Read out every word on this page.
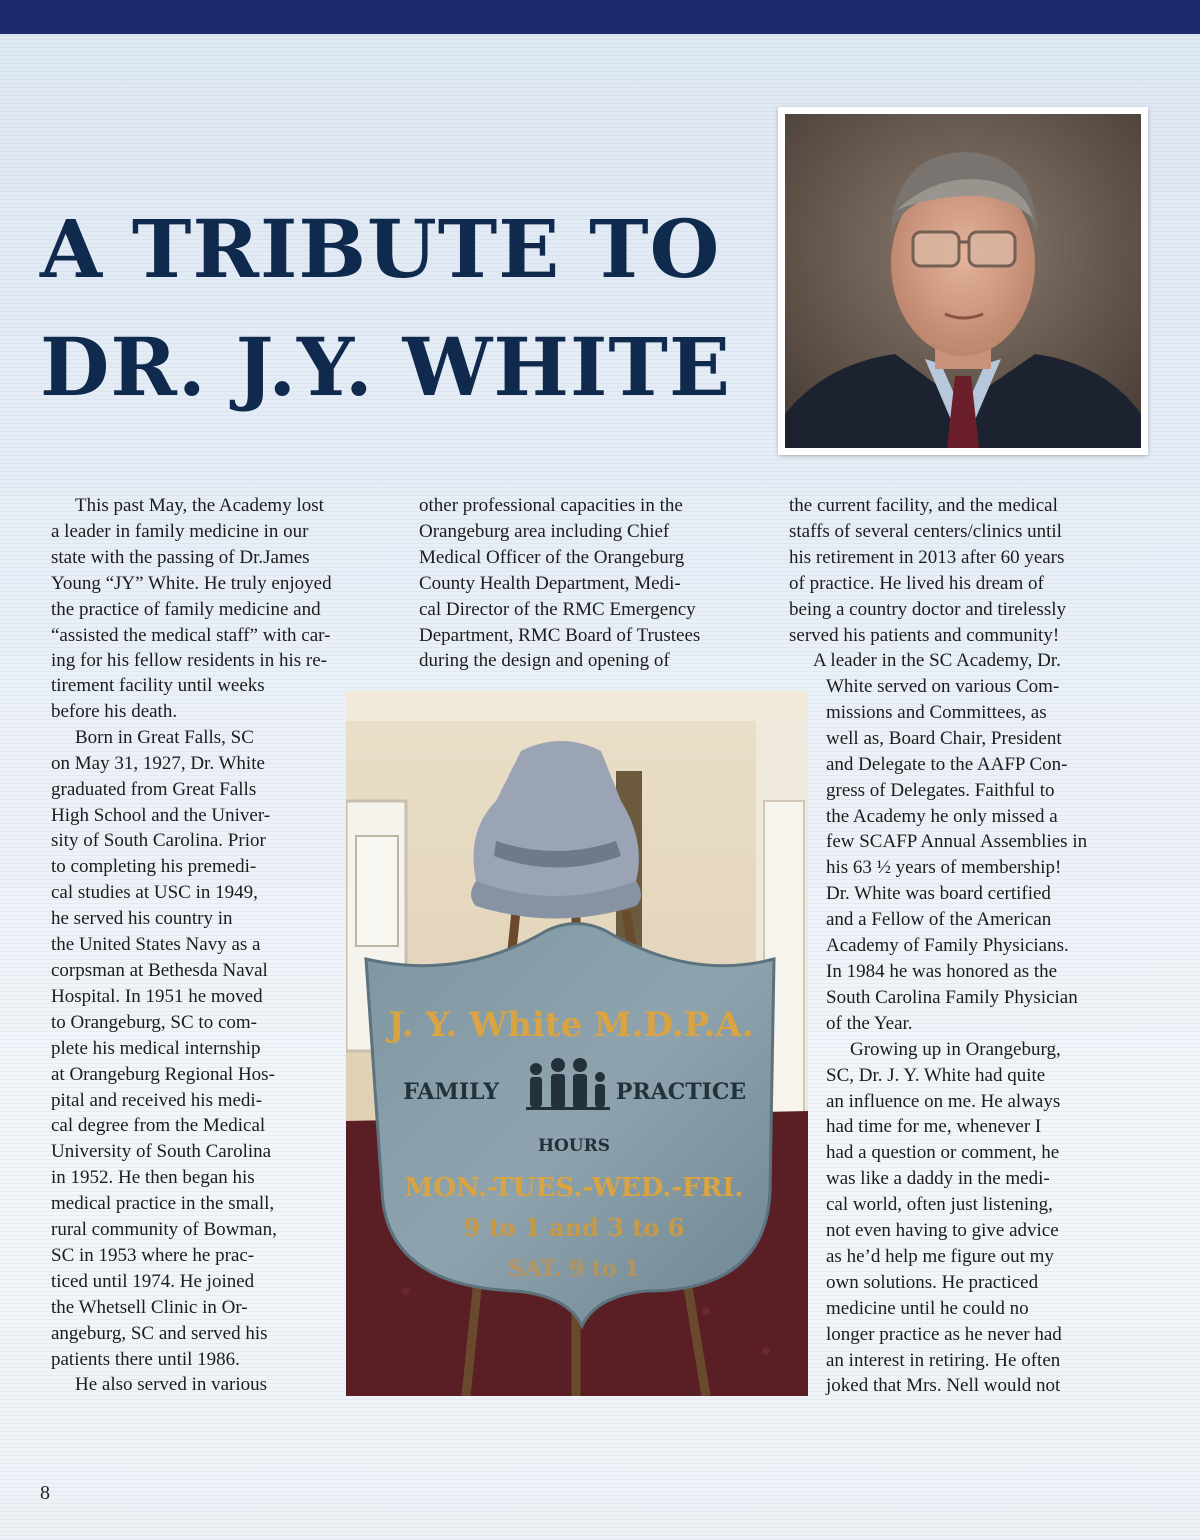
A TRIBUTE TO
DR. J.Y. WHITE

This past May, the Academy lost

a leader in family medicine in our

state with the passing of Dr.James

Young “JY” White. He truly enjoyed

the practice of family medicine and

“assisted the medical staff” with car-

ing for his fellow residents in his re-

tirement facility until weeks

before his death.

Born in Great Falls, SC

on May 31, 1927, Dr. White

graduated from Great Falls

High School and the Univer-

sity of South Carolina. Prior

to completing his premedi-

cal studies at USC in 1949,

he served his country in

the United States Navy as a

corpsman at Bethesda Naval

Hospital. In 1951 he moved

to Orangeburg, SC to com-

plete his medical internship

at Orangeburg Regional Hos-

pital and received his medi-

cal degree from the Medical

University of South Carolina

in 1952. He then began his

medical practice in the small,

rural community of Bowman,

SC in 1953 where he prac-

ticed until 1974. He joined

the Whetsell Clinic in Or-

angeburg, SC and served his

patients there until 1986.

He also served in various

other professional capacities in the

Orangeburg area including Chief

Medical Officer of the Orangeburg

County Health Department, Medi-

cal Director of the RMC Emergency

Department, RMC Board of Trustees

during the design and opening of

the current facility, and the medical

staffs of several centers/clinics until

his retirement in 2013 after 60 years

of practice. He lived his dream of

being a country doctor and tirelessly

served his patients and community!

A leader in the SC Academy, Dr.

White served on various Com-

missions and Committees, as

well as, Board Chair, President

and Delegate to the AAFP Con-

gress of Delegates. Faithful to

the Academy he only missed a

few SCAFP Annual Assemblies in

his 63 ½ years of membership!

Dr. White was board certified

and a Fellow of the American

Academy of Family Physicians.

In 1984 he was honored as the

South Carolina Family Physician

of the Year.

Growing up in Orangeburg,

SC, Dr. J. Y. White had quite

an influence on me. He always

had time for me, whenever I

had a question or comment, he

was like a daddy in the medi-

cal world, often just listening,

not even having to give advice

as he’d help me figure out my

own solutions. He practiced

medicine until he could no

longer practice as he never had

an interest in retiring. He often

joked that Mrs. Nell would not

J. Y. White M.D.P.A.
FAMILY	PRACTICE
HOURS
MON.-TUES.-WED.-FRI.
9 to 1 and 3 to 6
SAT. 9 to 1
8
